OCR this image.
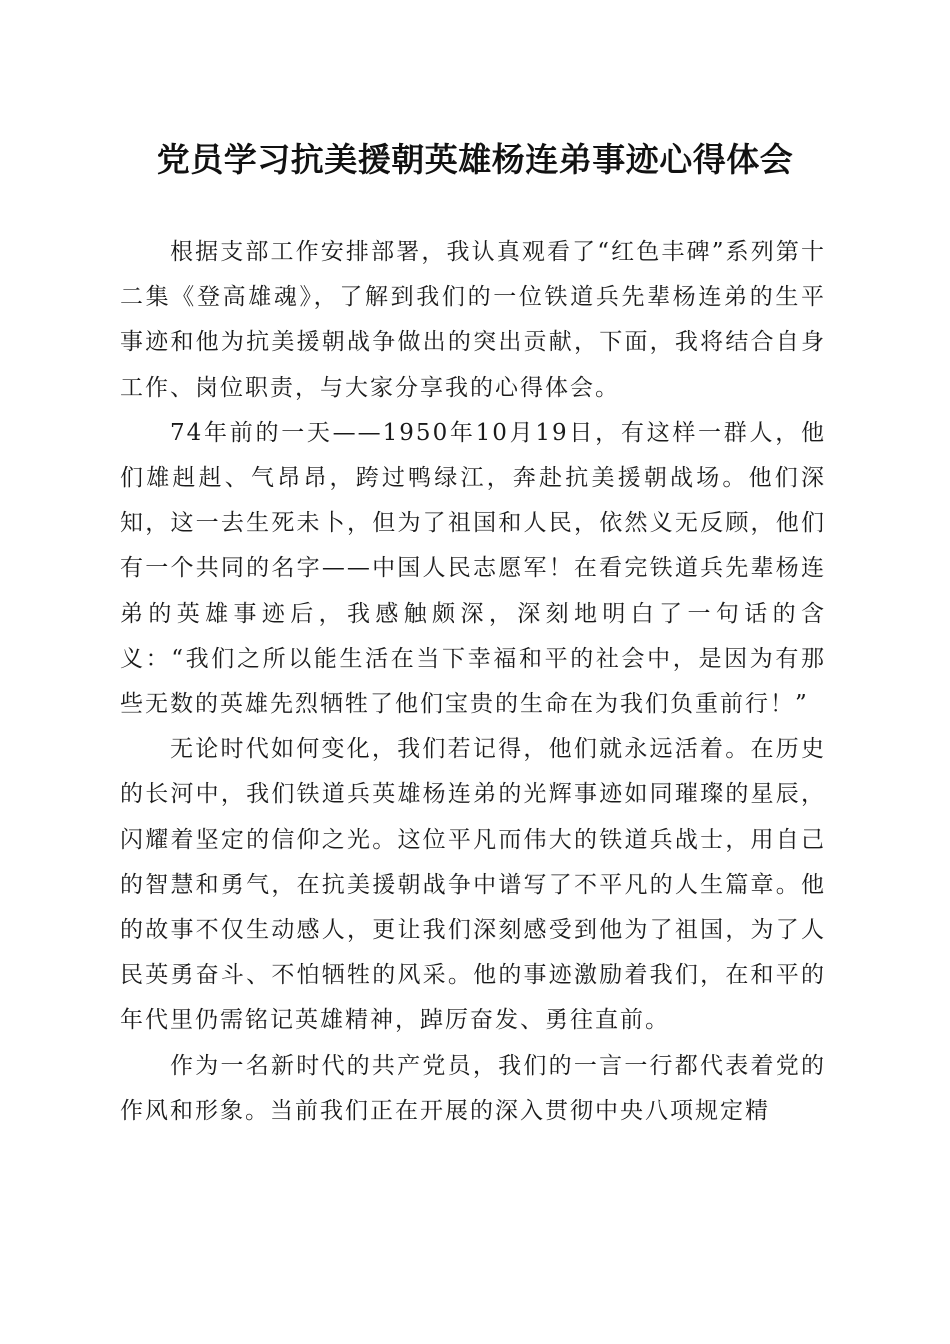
党员学习抗美援朝英雄杨连弟事迹心得体会

根据支部工作安排部署，我认真观看了“红色丰碑”系列第十二集《登高雄魂》，了解到我们的一位铁道兵先辈杨连弟的生平事迹和他为抗美援朝战争做出的突出贡献，下面，我将结合自身工作、岗位职责，与大家分享我的心得体会。

74年前的一天——1950年10月19日，有这样一群人，他们雄赳赳、气昂昂，跨过鸭绿江，奔赴抗美援朝战场。他们深知，这一去生死未卜，但为了祖国和人民，依然义无反顾，他们有一个共同的名字——中国人民志愿军！在看完铁道兵先辈杨连弟的英雄事迹后，我感触颇深，深刻地明白了一句话的含义：“我们之所以能生活在当下幸福和平的社会中，是因为有那些无数的英雄先烈牺牲了他们宝贵的生命在为我们负重前行！”

无论时代如何变化，我们若记得，他们就永远活着。在历史的长河中，我们铁道兵英雄杨连弟的光辉事迹如同璀璨的星辰，闪耀着坚定的信仰之光。这位平凡而伟大的铁道兵战士，用自己的智慧和勇气，在抗美援朝战争中谱写了不平凡的人生篇章。他的故事不仅生动感人，更让我们深刻感受到他为了祖国，为了人民英勇奋斗、不怕牺牲的风采。他的事迹激励着我们，在和平的年代里仍需铭记英雄精神，踔厉奋发、勇往直前。

作为一名新时代的共产党员，我们的一言一行都代表着党的作风和形象。当前我们正在开展的深入贯彻中央八项规定精
